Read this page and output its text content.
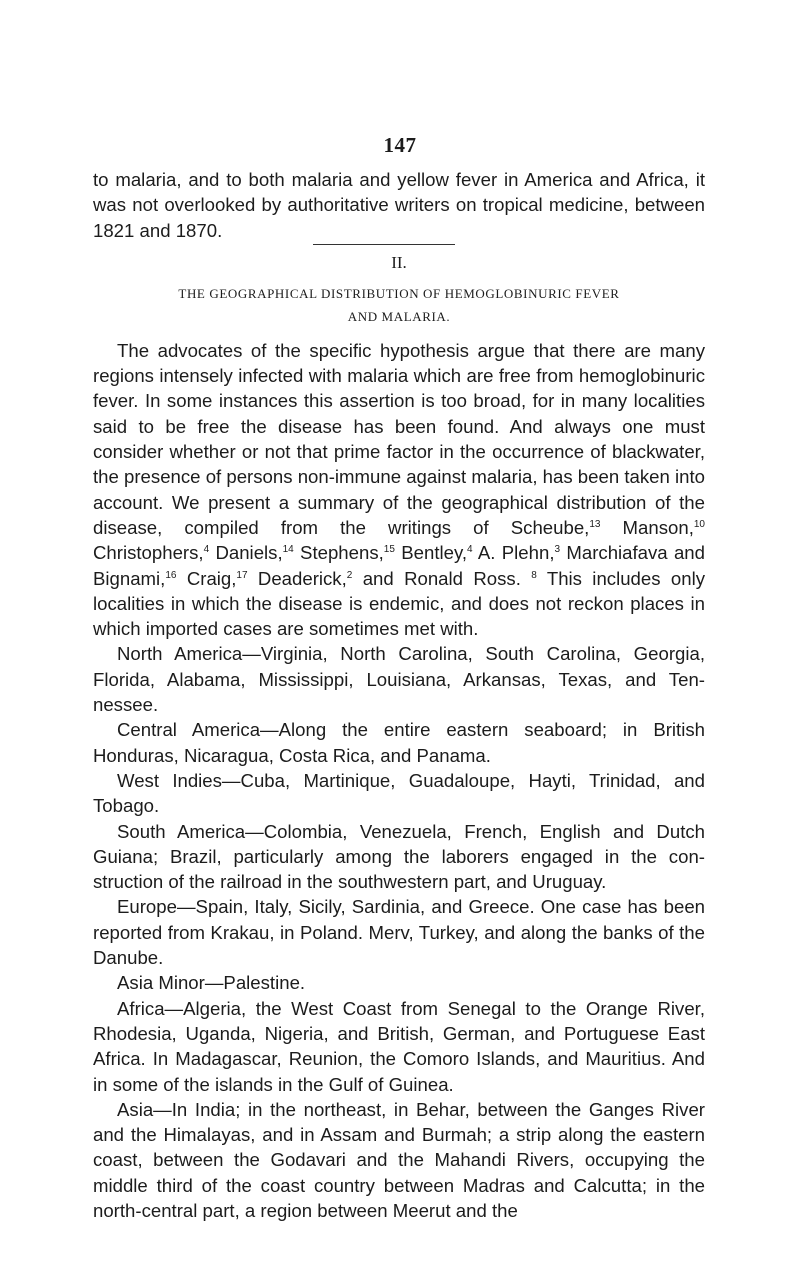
147

to malaria, and to both malaria and yellow fever in America and Africa, it was not overlooked by authoritative writers on tropical medicine, between 1821 and 1870.

II.
THE GEOGRAPHICAL DISTRIBUTION OF HEMOGLOBINURIC FEVER
AND MALARIA.

The advocates of the specific hypothesis argue that there are many regions intensely infected with malaria which are free from hemoglobinuric fever. In some instances this assertion is too broad, for in many localities said to be free the disease has been found. And always one must consider whether or not that prime factor in the occurrence of blackwater, the presence of persons non-immune against malaria, has been taken into account. We present a summary of the geographical distribution of the disease, compiled from the writings of Scheube,$^{13}$ Manson,$^{10}$ Christophers,$^4$ Daniels,$^{14}$ Stephens,$^{15}$ Bentley,$^4$ A. Plehn,$^3$ Marchiafava and Bignami,$^{16}$ Craig,$^{17}$ Deaderick,$^2$ and Ronald Ross. $^8$ This includes only localities in which the disease is endemic, and does not reckon places in which imported cases are sometimes met with.

North America—Virginia, North Carolina, South Carolina, Georgia, Florida, Alabama, Mississippi, Louisiana, Arkansas, Texas, and Tennessee.

Central America—Along the entire eastern seaboard; in British Honduras, Nicaragua, Costa Rica, and Panama.

West Indies—Cuba, Martinique, Guadaloupe, Hayti, Trinidad, and Tobago.

South America—Colombia, Venezuela, French, English and Dutch Guiana; Brazil, particularly among the laborers engaged in the construction of the railroad in the southwestern part, and Uruguay.

Europe—Spain, Italy, Sicily, Sardinia, and Greece. One case has been reported from Krakau, in Poland. Merv, Turkey, and along the banks of the Danube.

Asia Minor—Palestine.

Africa—Algeria, the West Coast from Senegal to the Orange River, Rhodesia, Uganda, Nigeria, and British, German, and Portuguese East Africa. In Madagascar, Reunion, the Comoro Islands, and Mauritius. And in some of the islands in the Gulf of Guinea.

Asia—In India; in the northeast, in Behar, between the Ganges River and the Himalayas, and in Assam and Burmah; a strip along the eastern coast, between the Godavari and the Mahandi Rivers, occupying the middle third of the coast country between Madras and Calcutta; in the north-central part, a region between Meerut and the
